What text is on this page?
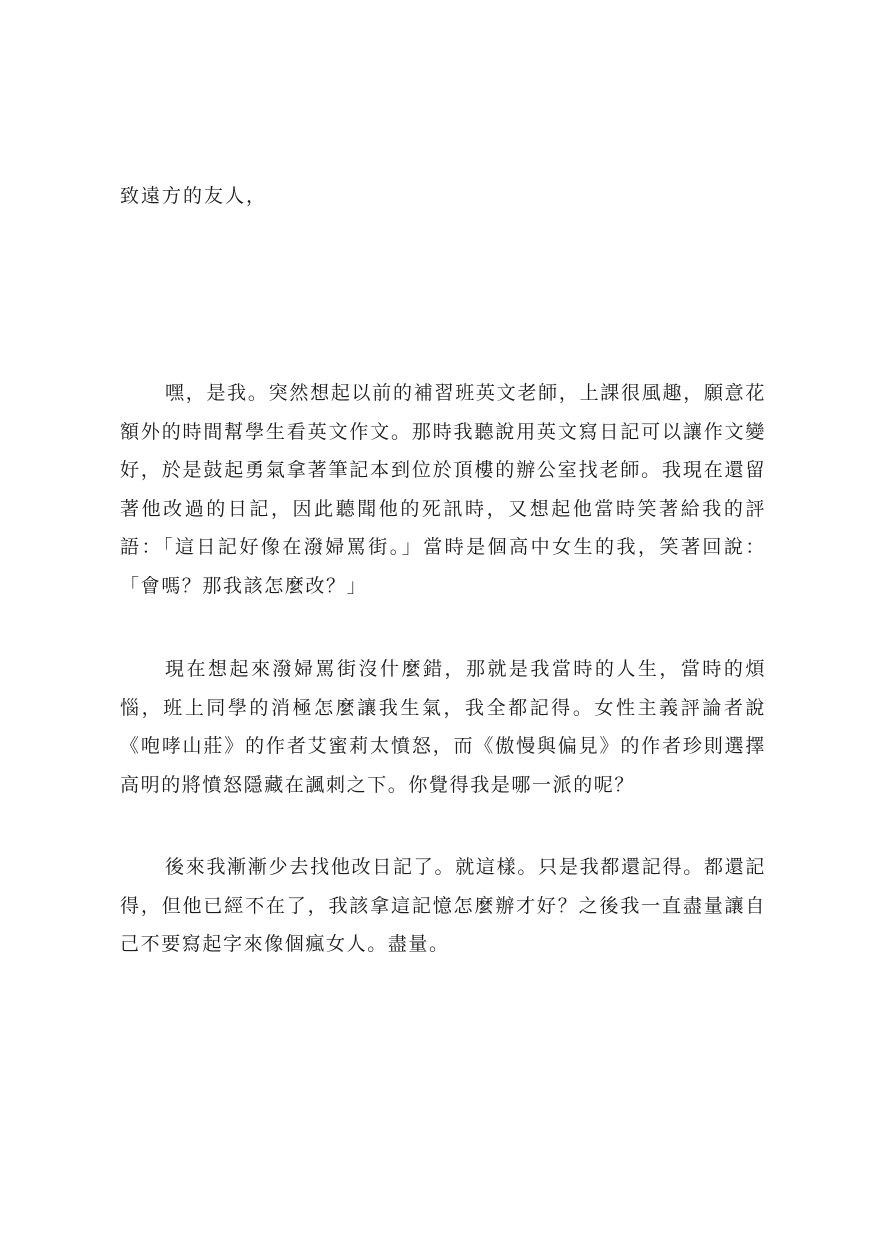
致遠方的友人，

嘿，是我。突然想起以前的補習班英文老師，上課很風趣，願意花額外的時間幫學生看英文作文。那時我聽說用英文寫日記可以讓作文變好，於是鼓起勇氣拿著筆記本到位於頂樓的辦公室找老師。我現在還留著他改過的日記，因此聽聞他的死訊時，又想起他當時笑著給我的評語：「這日記好像在潑婦罵街。」當時是個高中女生的我，笑著回說：「會嗎？那我該怎麼改？」

現在想起來潑婦罵街沒什麼錯，那就是我當時的人生，當時的煩惱，班上同學的消極怎麼讓我生氣，我全都記得。女性主義評論者說《咆哮山莊》的作者艾蜜莉太憤怒，而《傲慢與偏見》的作者珍則選擇高明的將憤怒隱藏在諷刺之下。你覺得我是哪一派的呢？

後來我漸漸少去找他改日記了。就這樣。只是我都還記得。都還記得，但他已經不在了，我該拿這記憶怎麼辦才好？之後我一直盡量讓自己不要寫起字來像個瘋女人。盡量。
